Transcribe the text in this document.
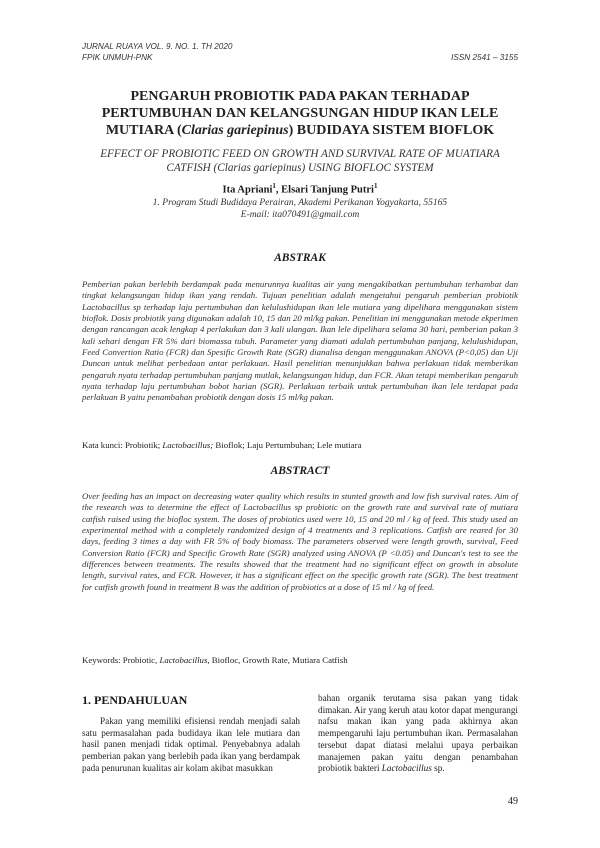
JURNAL RUAYA VOL. 9. NO. 1. TH 2020
FPIK UNMUH-PNK	ISSN 2541 – 3155
PENGARUH PROBIOTIK PADA PAKAN TERHADAP PERTUMBUHAN DAN KELANGSUNGAN HIDUP IKAN LELE MUTIARA (Clarias gariepinus) BUDIDAYA SISTEM BIOFLOK
EFFECT OF PROBIOTIC FEED ON GROWTH AND SURVIVAL RATE OF MUATIARA CATFISH (Clarias gariepinus) USING BIOFLOC SYSTEM
Ita Apriani$^1$, Elsari Tanjung Putri$^1$
1. Program Studi Budidaya Perairan, Akademi Perikanan Yogyakarta, 55165
E-mail: ita070491@gmail.com
ABSTRAK
Pemberian pakan berlebih berdampak pada menurunnya kualitas air yang mengakibatkan pertumbuhan terhambat dan tingkat kelangsungan hidup ikan yang rendah. Tujuan penelitian adalah mengetahui pengaruh pemberian probiotik Lactobacillus sp terhadap laju pertumbuhan dan kelulushidupan ikan lele mutiara yang dipelihara menggunakan sistem bioflok. Dosis probiotik yang digunakan adalah 10, 15 dan 20 ml/kg pakan. Penelitian ini menggunakan metode ekperimen dengan rancangan acak lengkap 4 perlakukan dan 3 kali ulangan. Ikan lele dipelihara selama 30 hari, pemberian pakan 3 kali sehari dengan FR 5% dari biomassa tubuh. Parameter yang diamati adalah pertumbuhan panjang, kelulushidupan, Feed Convertion Ratio (FCR) dan Spesific Growth Rate (SGR) dianalisa dengan menggunakan ANOVA (P<0,05) dan Uji Duncan untuk melihat perbedaan antar perlakuan. Hasil penelitian menunjukkan bahwa perlakuan tidak memberikan pengaruh nyata terhadap pertumbuhan panjang mutlak, kelangsungan hidup, dan FCR. Akan tetapi memberikan pengaruh nyata terhadap laju pertumbuhan bobot harian (SGR). Perlakuan terbaik untuk pertumbuhan ikan lele terdapat pada perlakuan B yaitu penambahan probiotik dengan dosis 15 ml/kg pakan.
Kata kunci: Probiotik; Lactobacillus; Bioflok; Laju Pertumbuhan; Lele mutiara
ABSTRACT
Over feeding has an impact on decreasing water quality which results in stunted growth and low fish survival rates. Aim of the research was to determine the effect of Lactobacillus sp probiotic on the growth rate and survival rate of mutiara catfish raised using the biofloc system. The doses of probiotics used were 10, 15 and 20 ml / kg of feed. This study used an experimental method with a completely randomized design of 4 treatments and 3 replications. Catfish are reared for 30 days, feeding 3 times a day with FR 5% of body biomass. The parameters observed were length growth, survival, Feed Conversion Ratio (FCR) and Specific Growth Rate (SGR) analyzed using ANOVA (P <0.05) and Duncan's test to see the differences between treatments. The results showed that the treatment had no significant effect on growth in absolute length, survival rates, and FCR. However, it has a significant effect on the specific growth rate (SGR). The best treatment for catfish growth found in treatment B was the addition of probiotics at a dose of 15 ml / kg of feed.
Keywords: Probiotic, Lactobacillus, Biofloc, Growth Rate, Mutiara Catfish
1. PENDAHULUAN

Pakan yang memiliki efisiensi rendah menjadi salah satu permasalahan pada budidaya ikan lele mutiara dan hasil panen menjadi tidak optimal. Penyebabnya adalah pemberian pakan yang berlebih pada ikan yang berdampak pada penurunan kualitas air kolam akibat masukkan

bahan organik terutama sisa pakan yang tidak dimakan. Air yang keruh atau kotor dapat mengurangi nafsu makan ikan yang pada akhirnya akan mempengaruhi laju pertumbuhan ikan. Permasalahan tersebut dapat diatasi melalui upaya perbaikan manajemen pakan yaitu dengan penambahan probiotik bakteri Lactobacillus sp.

49
